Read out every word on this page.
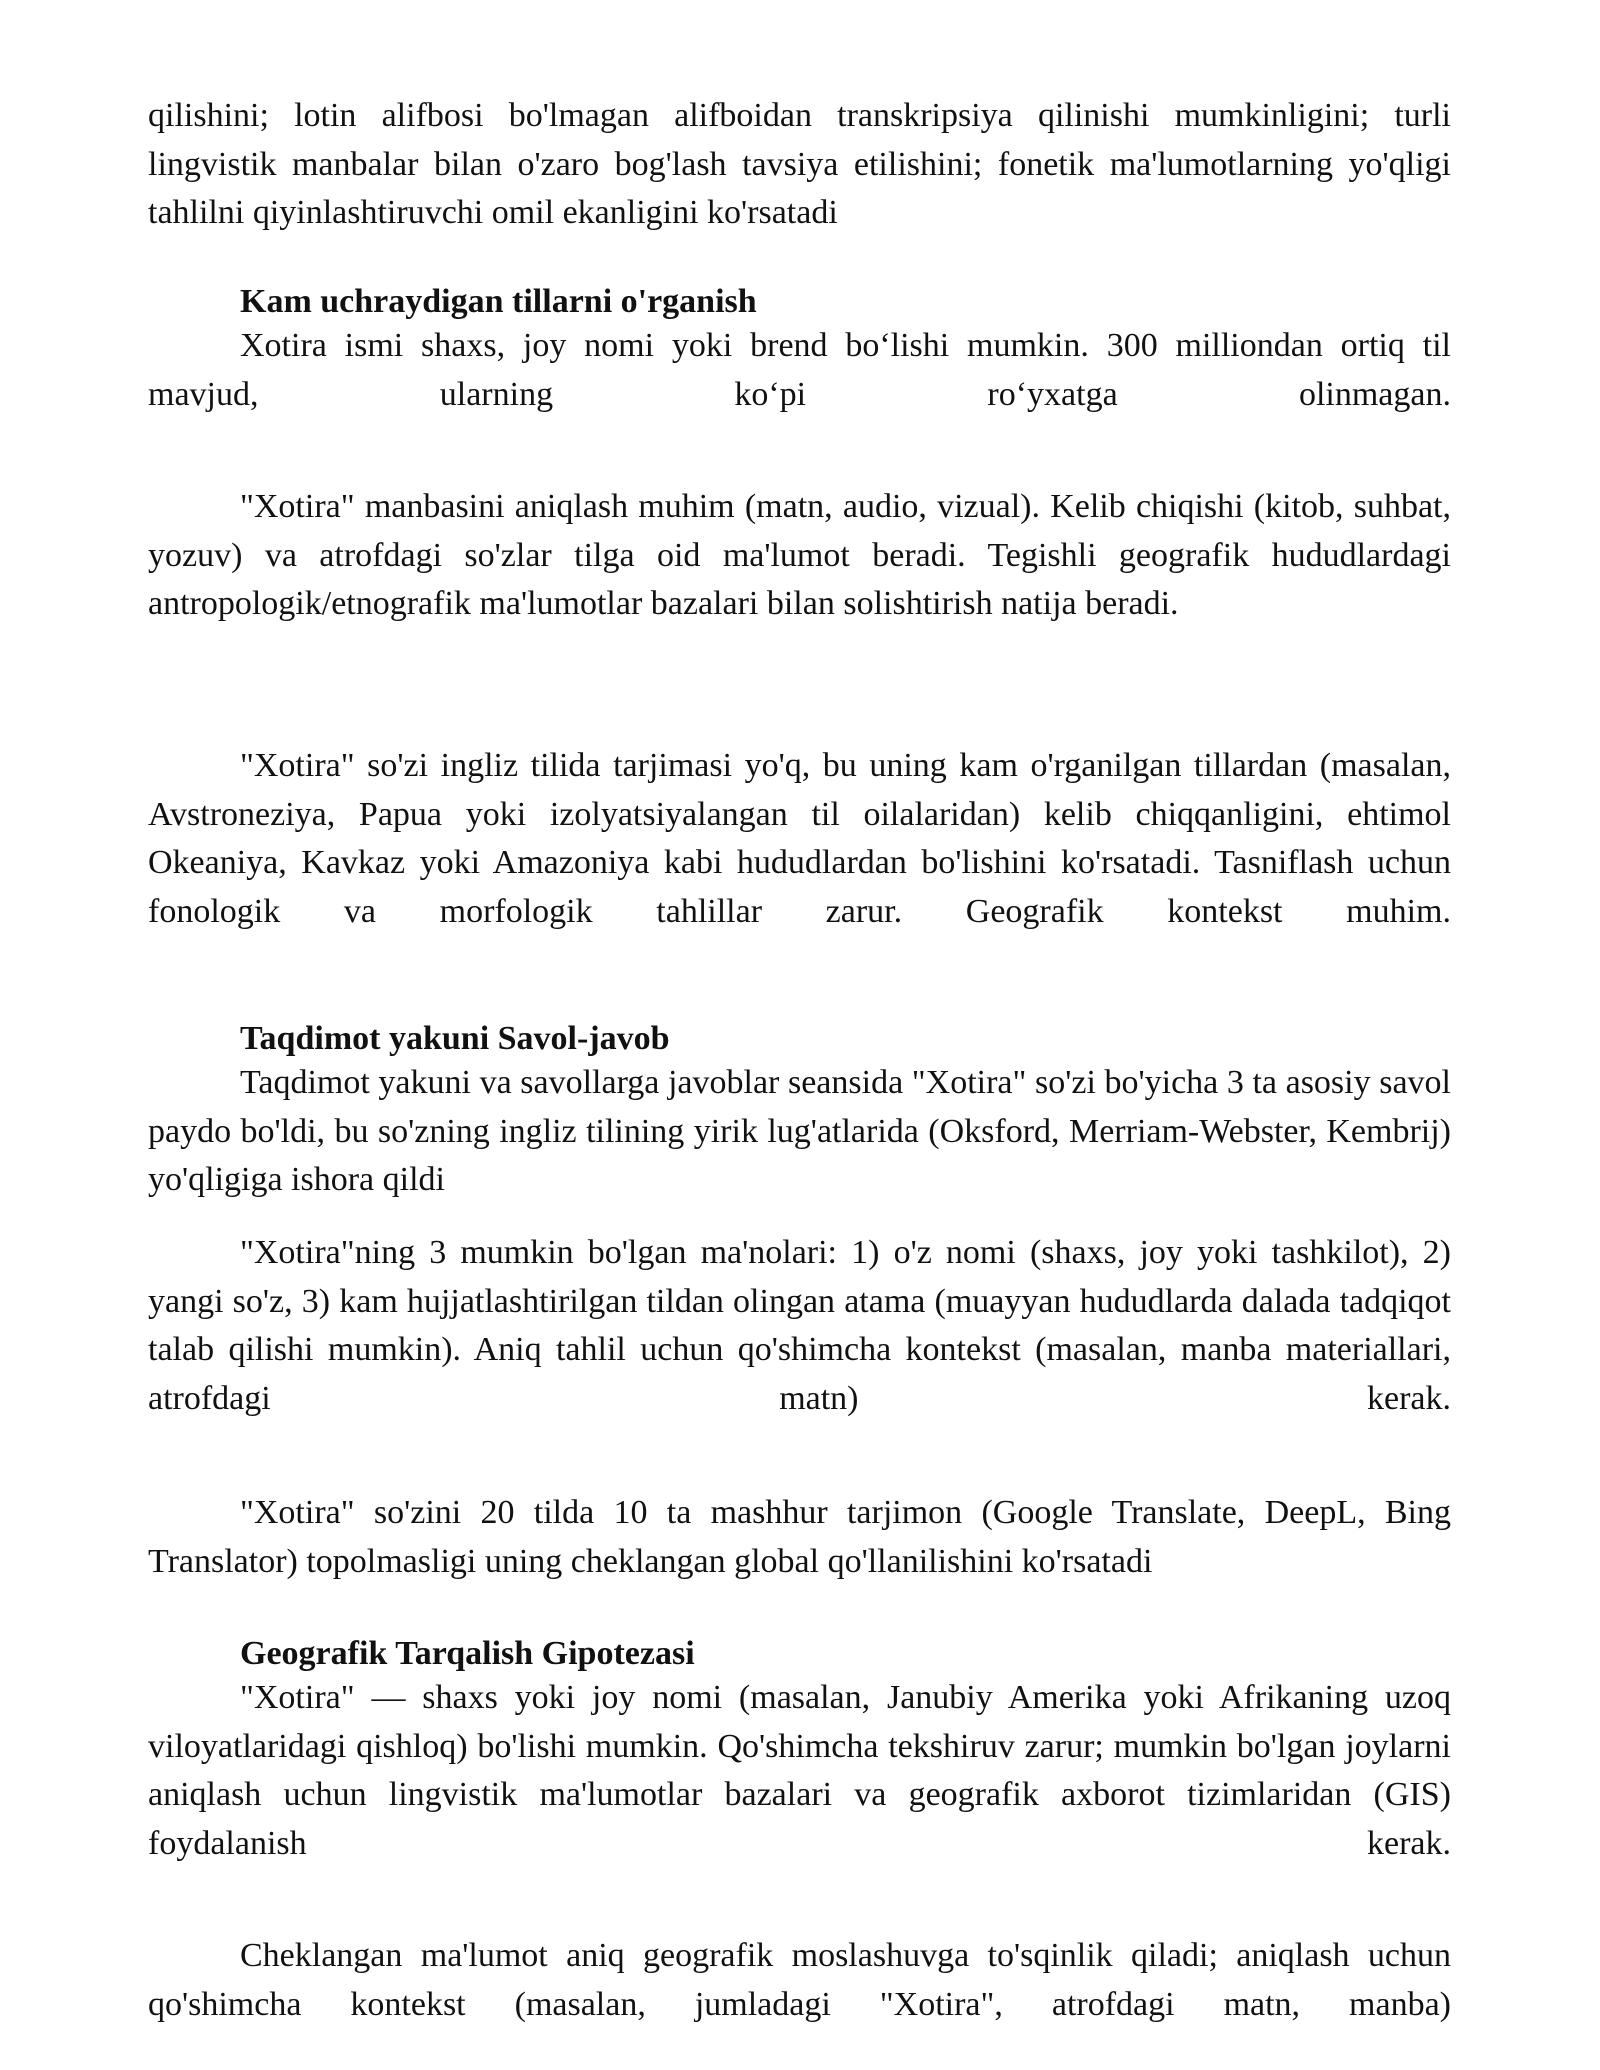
qilishini; lotin alifbosi bo'lmagan alifboidan transkripsiya qilinishi mumkinligini; turli lingvistik manbalar bilan o'zaro bog'lash tavsiya etilishini; fonetik ma'lumotlarning yo'qligi tahlilni qiyinlashtiruvchi omil ekanligini ko'rsatadi

Kam uchraydigan tillarni o'rganish

Xotira ismi shaxs, joy nomi yoki brend bo‘lishi mumkin. 300 milliondan ortiq til mavjud, ularning ko‘pi ro‘yxatga olinmagan.

"Xotira" manbasini aniqlash muhim (matn, audio, vizual). Kelib chiqishi (kitob, suhbat, yozuv) va atrofdagi so'zlar tilga oid ma'lumot beradi. Tegishli geografik hududlardagi antropologik/etnografik ma'lumotlar bazalari bilan solishtirish natija beradi.

"Xotira" so'zi ingliz tilida tarjimasi yo'q, bu uning kam o'rganilgan tillardan (masalan, Avstroneziya, Papua yoki izolyatsiyalangan til oilalaridan) kelib chiqqanligini, ehtimol Okeaniya, Kavkaz yoki Amazoniya kabi hududlardan bo'lishini ko'rsatadi. Tasniflash uchun fonologik va morfologik tahlillar zarur. Geografik kontekst muhim.

Taqdimot yakuni Savol-javob

Taqdimot yakuni va savollarga javoblar seansida "Xotira" so'zi bo'yicha 3 ta asosiy savol paydo bo'ldi, bu so'zning ingliz tilining yirik lug'atlarida (Oksford, Merriam-Webster, Kembrij) yo'qligiga ishora qildi

"Xotira"ning 3 mumkin bo'lgan ma'nolari: 1) o'z nomi (shaxs, joy yoki tashkilot), 2) yangi so'z, 3) kam hujjatlashtirilgan tildan olingan atama (muayyan hududlarda dalada tadqiqot talab qilishi mumkin). Aniq tahlil uchun qo'shimcha kontekst (masalan, manba materiallari, atrofdagi matn) kerak.

"Xotira" so'zini 20 tilda 10 ta mashhur tarjimon (Google Translate, DeepL, Bing Translator) topolmasligi uning cheklangan global qo'llanilishini ko'rsatadi

Geografik Tarqalish Gipotezasi

"Xotira" — shaxs yoki joy nomi (masalan, Janubiy Amerika yoki Afrikaning uzoq viloyatlaridagi qishloq) bo'lishi mumkin. Qo'shimcha tekshiruv zarur; mumkin bo'lgan joylarni aniqlash uchun lingvistik ma'lumotlar bazalari va geografik axborot tizimlaridan (GIS) foydalanish kerak.

Cheklangan ma'lumot aniq geografik moslashuvga to'sqinlik qiladi; aniqlash uchun qo'shimcha kontekst (masalan, jumladagi "Xotira", atrofdagi matn, manba)
